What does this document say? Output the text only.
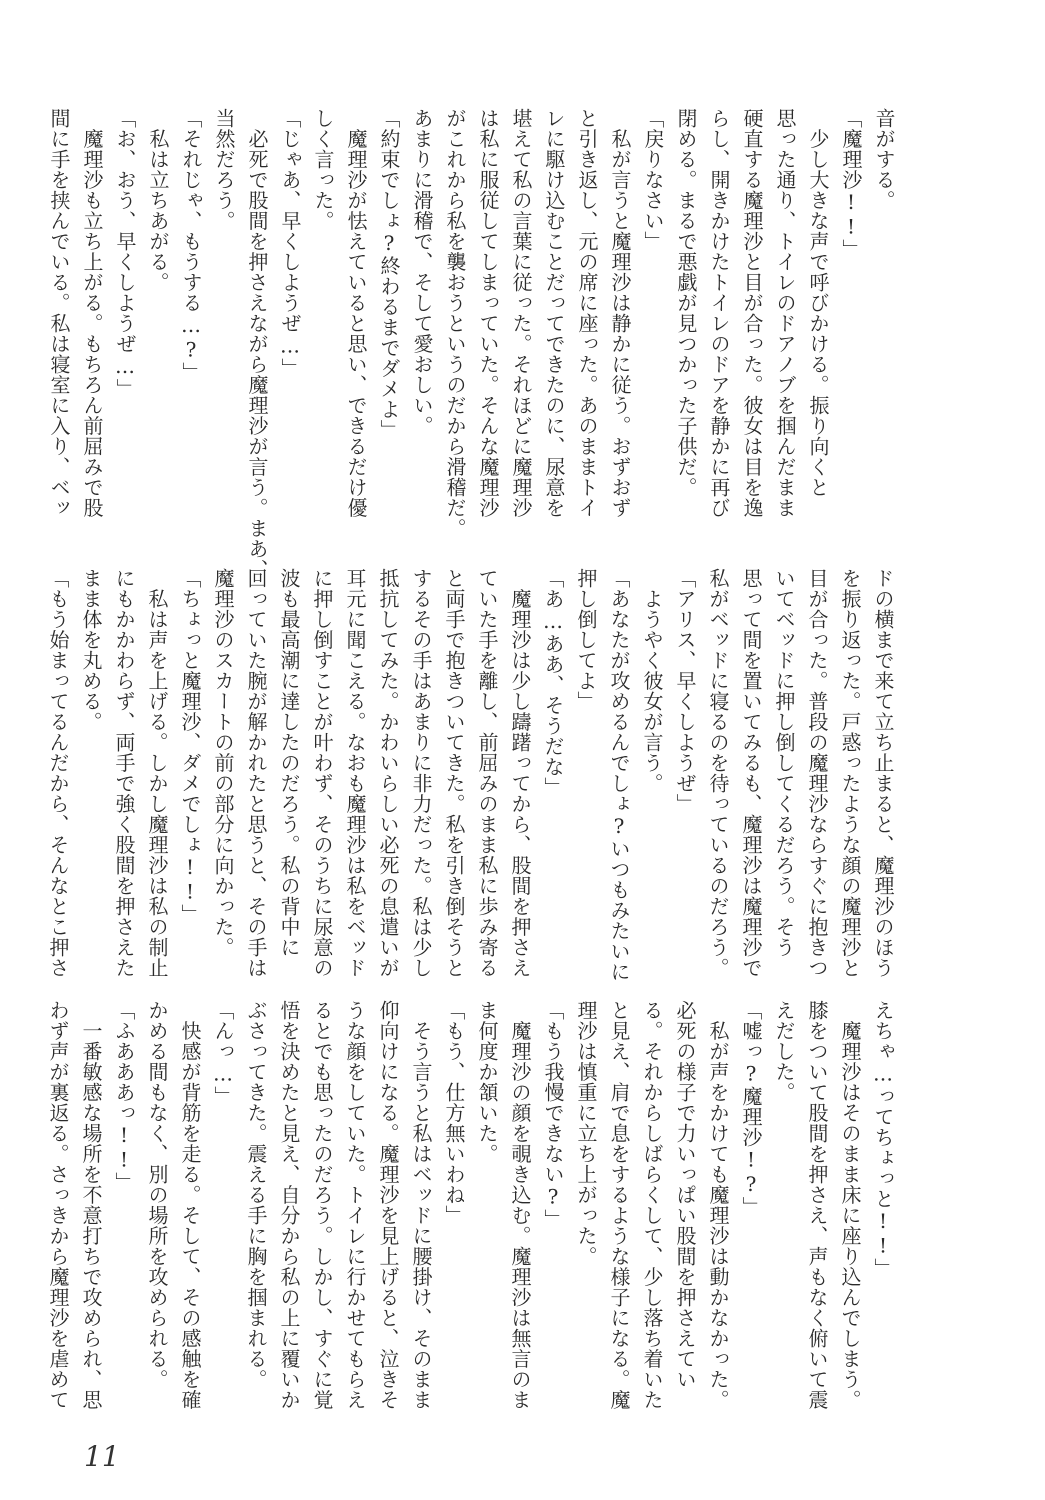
音がする。
「魔理沙!!」
　少し大きな声で呼びかける。振り向くと
思った通り、トイレのドアノブを掴んだまま
硬直する魔理沙と目が合った。彼女は目を逸
らし、開きかけたトイレのドアを静かに再び
閉める。まるで悪戯が見つかった子供だ。
「戻りなさい」
　私が言うと魔理沙は静かに従う。おずおず
と引き返し、元の席に座った。あのままトイ
レに駆け込むことだってできたのに、尿意を
堪えて私の言葉に従った。それほどに魔理沙
は私に服従してしまっていた。そんな魔理沙
がこれから私を襲おうというのだから滑稽だ。
あまりに滑稽で、そして愛おしい。
「約束でしょ?終わるまでダメよ」
　魔理沙が怯えていると思い、できるだけ優
しく言った。
「じゃあ、早くしようぜ…」
　必死で股間を押さえながら魔理沙が言う。まあ、
当然だろう。
「それじゃ、もうする…?」
　私は立ちあがる。
「お、おう、早くしようぜ…」
　魔理沙も立ち上がる。もちろん前屈みで股
間に手を挟んでいる。私は寝室に入り、ベッ
ドの横まで来て立ち止まると、魔理沙のほう
を振り返った。戸惑ったような顔の魔理沙と
目が合った。普段の魔理沙ならすぐに抱きつ
いてベッドに押し倒してくるだろう。そう
思って間を置いてみるも、魔理沙は魔理沙で
私がベッドに寝るのを待っているのだろう。
「アリス、早くしようぜ」
　ようやく彼女が言う。
「あなたが攻めるんでしょ?いつもみたいに
押し倒してよ」
「あ…ああ、そうだな」
　魔理沙は少し躊躇ってから、股間を押さえ
ていた手を離し、前屈みのまま私に歩み寄る
と両手で抱きついてきた。私を引き倒そうと
するその手はあまりに非力だった。私は少し
抵抗してみた。かわいらしい必死の息遣いが
耳元に聞こえる。なおも魔理沙は私をベッド
に押し倒すことが叶わず、そのうちに尿意の
波も最高潮に達したのだろう。私の背中に
回っていた腕が解かれたと思うと、その手は
魔理沙のスカートの前の部分に向かった。
「ちょっと魔理沙、ダメでしょ!!」
　私は声を上げる。しかし魔理沙は私の制止
にもかかわらず、両手で強く股間を押さえた
まま体を丸める。
「もう始まってるんだから、そんなとこ押さ
えちゃ…ってちょっと!!」
　魔理沙はそのまま床に座り込んでしまう。
膝をついて股間を押さえ、声もなく俯いて震
えだした。
「嘘っ?魔理沙!?」
　私が声をかけても魔理沙は動かなかった。
必死の様子で力いっぱい股間を押さえてい
る。それからしばらくして、少し落ち着いた
と見え、肩で息をするような様子になる。魔
理沙は慎重に立ち上がった。
「もう我慢できない?」
　魔理沙の顔を覗き込む。魔理沙は無言のま
ま何度か頷いた。
「もう、仕方無いわね」
　そう言うと私はベッドに腰掛け、そのまま
仰向けになる。魔理沙を見上げると、泣きそ
うな顔をしていた。トイレに行かせてもらえ
るとでも思ったのだろう。しかし、すぐに覚
悟を決めたと見え、自分から私の上に覆いか
ぶさってきた。震える手に胸を掴まれる。
「んっ…」
　快感が背筋を走る。そして、その感触を確
かめる間もなく、別の場所を攻められる。
「ふあああっ!!」
　一番敏感な場所を不意打ちで攻められ、思
わず声が裏返る。さっきから魔理沙を虐めて
11
